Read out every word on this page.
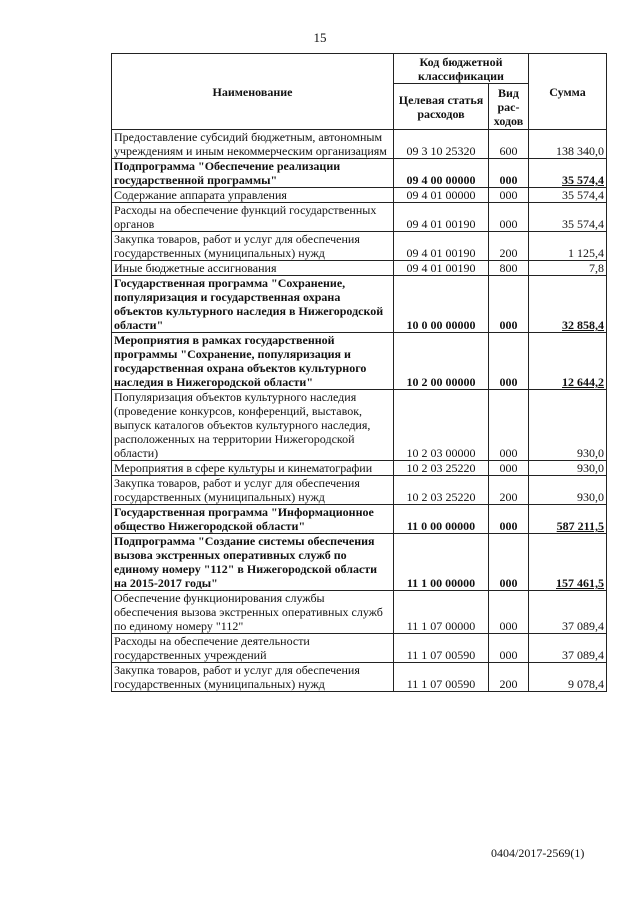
15
Наименование	Код бюджетной классификации		Сумма
	Целевая статья расходов	Вид рас-ходов	
Предоставление субсидий бюджетным, автономным учреждениям и иным некоммерческим организациям	09 3 10 25320	600	138 340,0
Подпрограмма "Обеспечение реализации государственной программы"	09 4 00 00000	000	35 574,4
Содержание аппарата управления	09 4 01 00000	000	35 574,4
Расходы на обеспечение функций государственных органов	09 4 01 00190	000	35 574,4
Закупка товаров, работ и услуг для обеспечения государственных (муниципальных) нужд	09 4 01 00190	200	1 125,4
Иные бюджетные ассигнования	09 4 01 00190	800	7,8
Государственная программа "Сохранение, популяризация и государственная охрана объектов культурного наследия в Нижегородской области"	10 0 00 00000	000	32 858,4
Мероприятия в рамках государственной программы "Сохранение, популяризация и государственная охрана объектов культурного наследия в Нижегородской области"	10 2 00 00000	000	12 644,2
Популяризация объектов культурного наследия (проведение конкурсов, конференций, выставок, выпуск каталогов объектов культурного наследия, расположенных на территории Нижегородской области)	10 2 03 00000	000	930,0
Мероприятия в сфере культуры и кинематографии	10 2 03 25220	000	930,0
Закупка товаров, работ и услуг для обеспечения государственных (муниципальных) нужд	10 2 03 25220	200	930,0
Государственная программа "Информационное общество Нижегородской области"	11 0 00 00000	000	587 211,5
Подпрограмма "Создание системы обеспечения вызова экстренных оперативных служб по единому номеру "112" в Нижегородской области на 2015-2017 годы"	11 1 00 00000	000	157 461,5
Обеспечение функционирования службы обеспечения вызова экстренных оперативных служб по единому номеру "112"	11 1 07 00000	000	37 089,4
Расходы на обеспечение деятельности государственных учреждений	11 1 07 00590	000	37 089,4
Закупка товаров, работ и услуг для обеспечения государственных (муниципальных) нужд	11 1 07 00590	200	9 078,4
0404/2017-2569(1)
